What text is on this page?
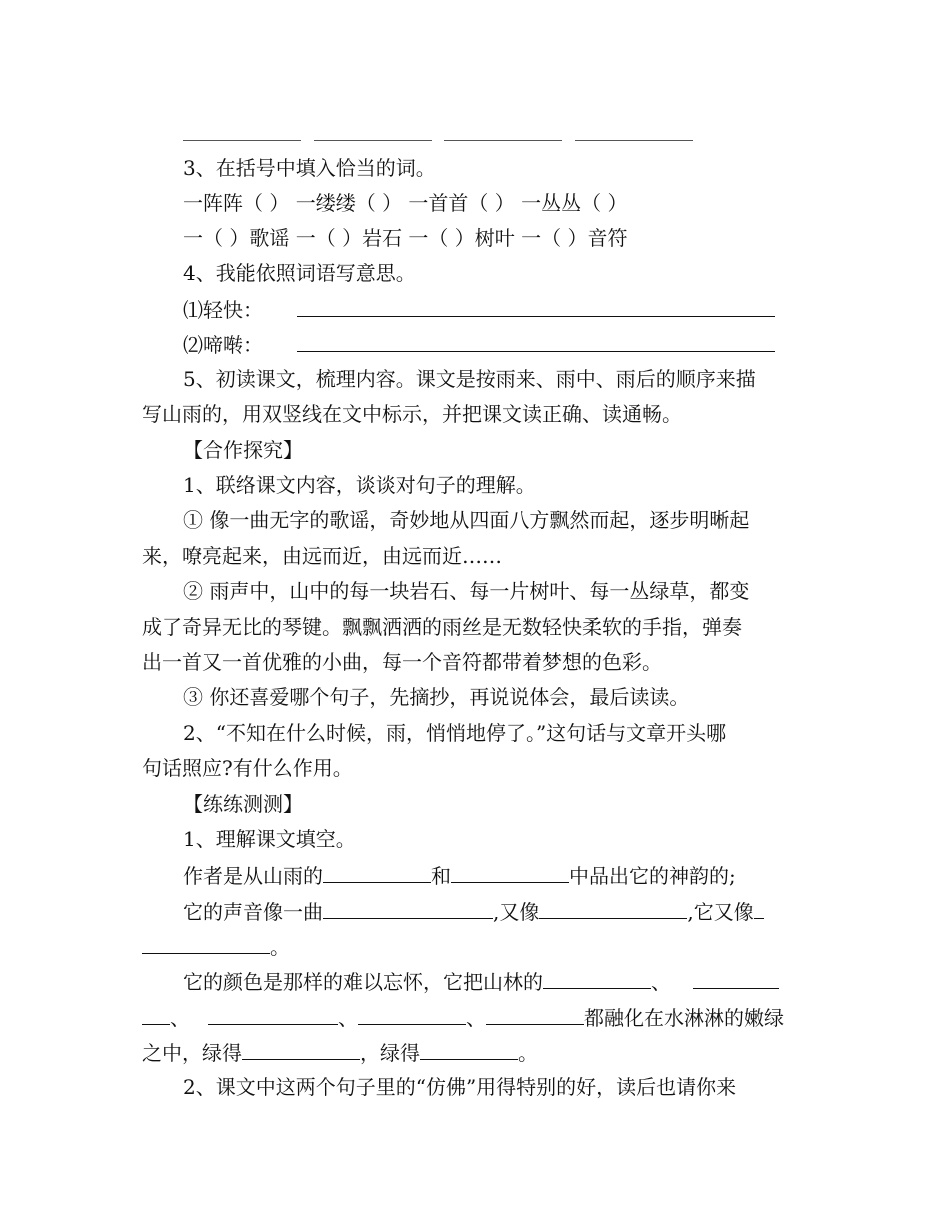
3、在括号中填入恰当的词。
一阵阵（ ） 一缕缕（ ） 一首首（ ） 一丛丛（ ）
一（ ）歌谣 一（ ）岩石 一（ ）树叶 一（ ）音符
4、我能依照词语写意思。
⑴轻快：
⑵啼啭：
5、初读课文，梳理内容。课文是按雨来、雨中、雨后的顺序来描
写山雨的，用双竖线在文中标示，并把课文读正确、读通畅。
【合作探究】
1、联络课文内容，谈谈对句子的理解。
① 像一曲无字的歌谣，奇妙地从四面八方飘然而起，逐步明晰起
来，嘹亮起来，由远而近，由远而近……
② 雨声中，山中的每一块岩石、每一片树叶、每一丛绿草，都变
成了奇异无比的琴键。飘飘洒洒的雨丝是无数轻快柔软的手指，弹奏
出一首又一首优雅的小曲，每一个音符都带着梦想的色彩。
③ 你还喜爱哪个句子，先摘抄，再说说体会，最后读读。
2、“不知在什么时候，雨，悄悄地停了。”这句话与文章开头哪
句话照应?有什么作用。
【练练测测】
1、理解课文填空。
作者是从山雨的	和	中品出它的神韵的;
它的声音像一曲	,又像	,它又像
。
它的颜色是那样的难以忘怀，它把山林的	、
、	、	、	都融化在水淋淋的嫩绿
之中，绿得	，绿得	。
2、课文中这两个句子里的“仿佛”用得特别的好，读后也请你来
